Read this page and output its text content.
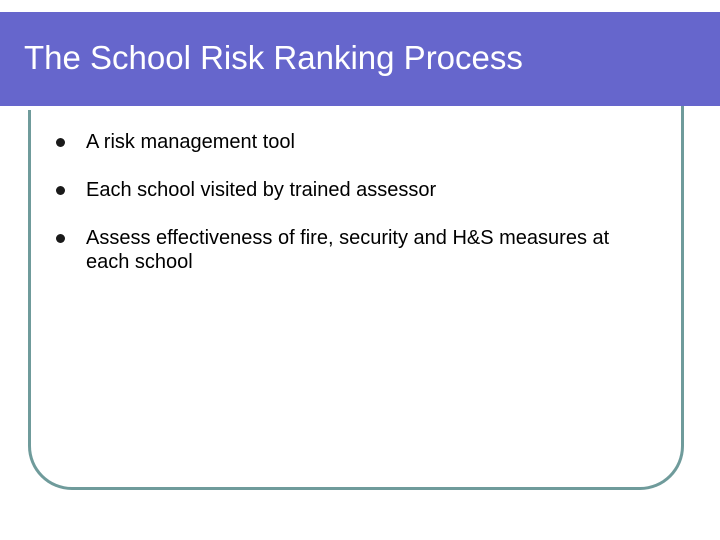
The School Risk Ranking Process
A risk management tool
Each school visited by trained assessor
Assess effectiveness of fire, security and H&S measures at each school
